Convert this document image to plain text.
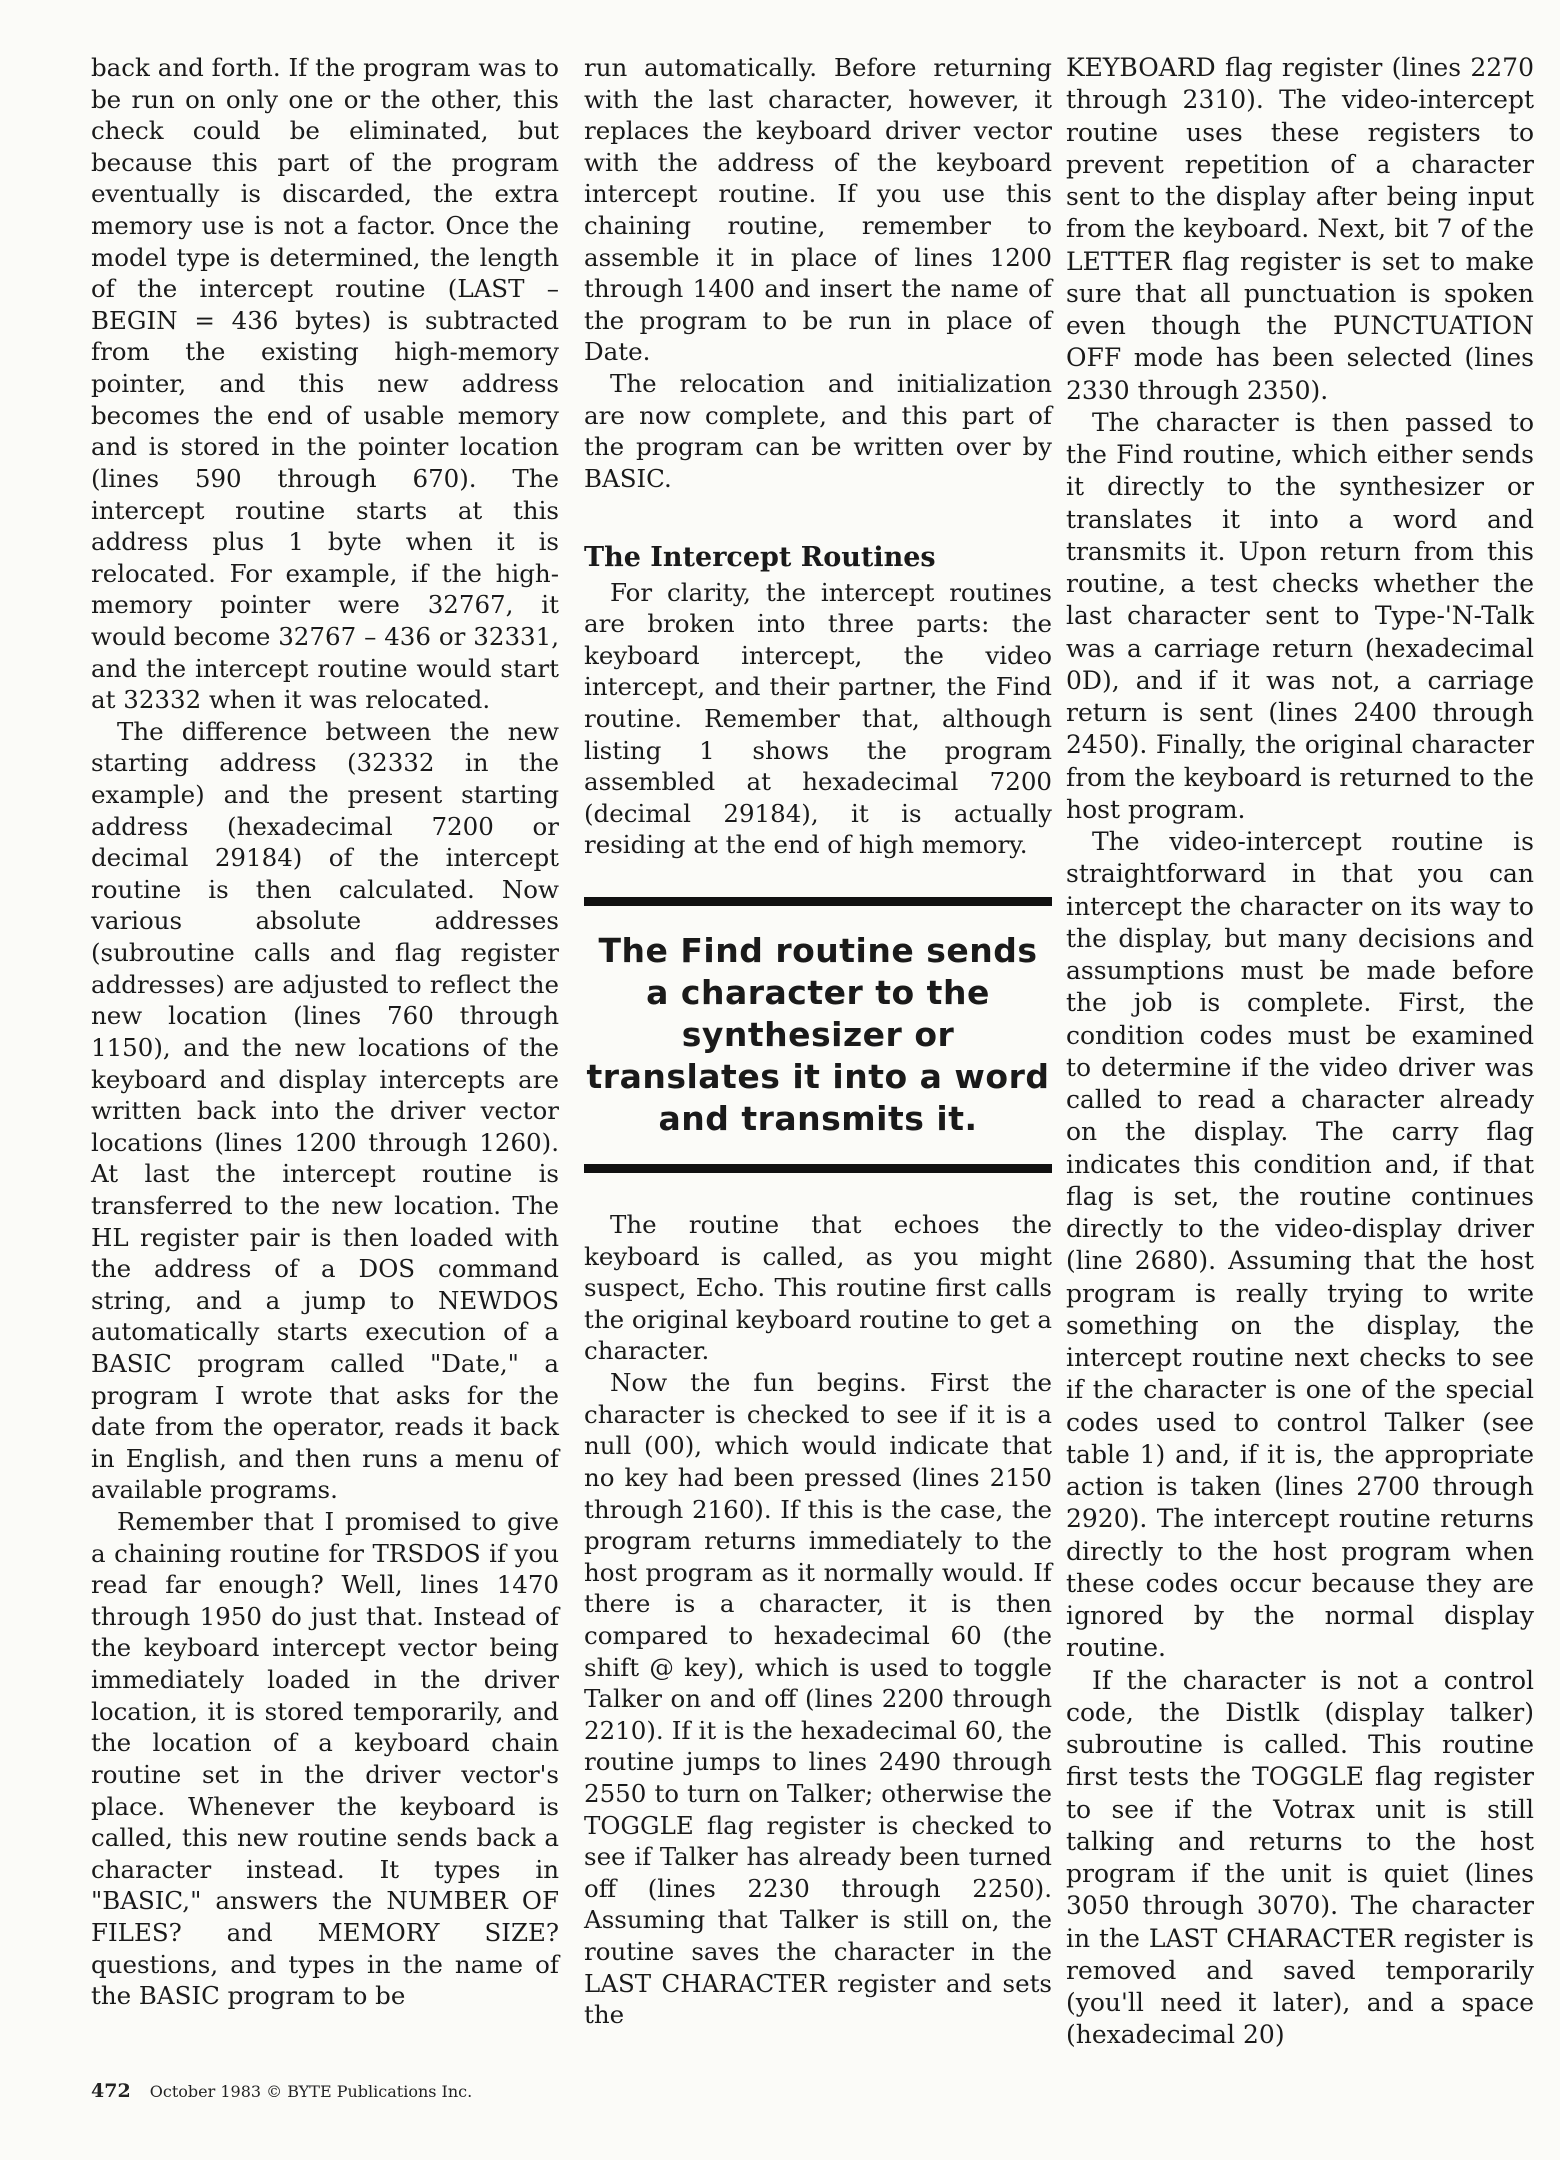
back and forth. If the program was to be run on only one or the other, this check could be eliminated, but because this part of the program eventually is discarded, the extra memory use is not a factor. Once the model type is determined, the length of the intercept routine (LAST – BEGIN = 436 bytes) is subtracted from the existing high-memory pointer, and this new address becomes the end of usable memory and is stored in the pointer location (lines 590 through 670). The intercept routine starts at this address plus 1 byte when it is relocated. For example, if the high-memory pointer were 32767, it would become 32767 – 436 or 32331, and the intercept routine would start at 32332 when it was relocated.

The difference between the new starting address (32332 in the example) and the present starting address (hexadecimal 7200 or decimal 29184) of the intercept routine is then calculated. Now various absolute addresses (subroutine calls and flag register addresses) are adjusted to reflect the new location (lines 760 through 1150), and the new locations of the keyboard and display intercepts are written back into the driver vector locations (lines 1200 through 1260). At last the intercept routine is transferred to the new location. The HL register pair is then loaded with the address of a DOS command string, and a jump to NEWDOS automatically starts execution of a BASIC program called "Date," a program I wrote that asks for the date from the operator, reads it back in English, and then runs a menu of available programs.

Remember that I promised to give a chaining routine for TRSDOS if you read far enough? Well, lines 1470 through 1950 do just that. Instead of the keyboard intercept vector being immediately loaded in the driver location, it is stored temporarily, and the location of a keyboard chain routine set in the driver vector's place. Whenever the keyboard is called, this new routine sends back a character instead. It types in "BASIC," answers the NUMBER OF FILES? and MEMORY SIZE? questions, and types in the name of the BASIC program to be

run automatically. Before returning with the last character, however, it replaces the keyboard driver vector with the address of the keyboard intercept routine. If you use this chaining routine, remember to assemble it in place of lines 1200 through 1400 and insert the name of the program to be run in place of Date.

The relocation and initialization are now complete, and this part of the program can be written over by BASIC.

The Intercept Routines

For clarity, the intercept routines are broken into three parts: the keyboard intercept, the video intercept, and their partner, the Find routine. Remember that, although listing 1 shows the program assembled at hexadecimal 7200 (decimal 29184), it is actually residing at the end of high memory.

The Find routine sends a character to the synthesizer or translates it into a word and transmits it.

The routine that echoes the keyboard is called, as you might suspect, Echo. This routine first calls the original keyboard routine to get a character.

Now the fun begins. First the character is checked to see if it is a null (00), which would indicate that no key had been pressed (lines 2150 through 2160). If this is the case, the program returns immediately to the host program as it normally would. If there is a character, it is then compared to hexadecimal 60 (the shift @ key), which is used to toggle Talker on and off (lines 2200 through 2210). If it is the hexadecimal 60, the routine jumps to lines 2490 through 2550 to turn on Talker; otherwise the TOGGLE flag register is checked to see if Talker has already been turned off (lines 2230 through 2250). Assuming that Talker is still on, the routine saves the character in the LAST CHARACTER register and sets the

KEYBOARD flag register (lines 2270 through 2310). The video-intercept routine uses these registers to prevent repetition of a character sent to the display after being input from the keyboard. Next, bit 7 of the LETTER flag register is set to make sure that all punctuation is spoken even though the PUNCTUATION OFF mode has been selected (lines 2330 through 2350).

The character is then passed to the Find routine, which either sends it directly to the synthesizer or translates it into a word and transmits it. Upon return from this routine, a test checks whether the last character sent to Type-'N-Talk was a carriage return (hexadecimal 0D), and if it was not, a carriage return is sent (lines 2400 through 2450). Finally, the original character from the keyboard is returned to the host program.

The video-intercept routine is straightforward in that you can intercept the character on its way to the display, but many decisions and assumptions must be made before the job is complete. First, the condition codes must be examined to determine if the video driver was called to read a character already on the display. The carry flag indicates this condition and, if that flag is set, the routine continues directly to the video-display driver (line 2680). Assuming that the host program is really trying to write something on the display, the intercept routine next checks to see if the character is one of the special codes used to control Talker (see table 1) and, if it is, the appropriate action is taken (lines 2700 through 2920). The intercept routine returns directly to the host program when these codes occur because they are ignored by the normal display routine.

If the character is not a control code, the Distlk (display talker) subroutine is called. This routine first tests the TOGGLE flag register to see if the Votrax unit is still talking and returns to the host program if the unit is quiet (lines 3050 through 3070). The character in the LAST CHARACTER register is removed and saved temporarily (you'll need it later), and a space (hexadecimal 20)

472 October 1983 © BYTE Publications Inc.
